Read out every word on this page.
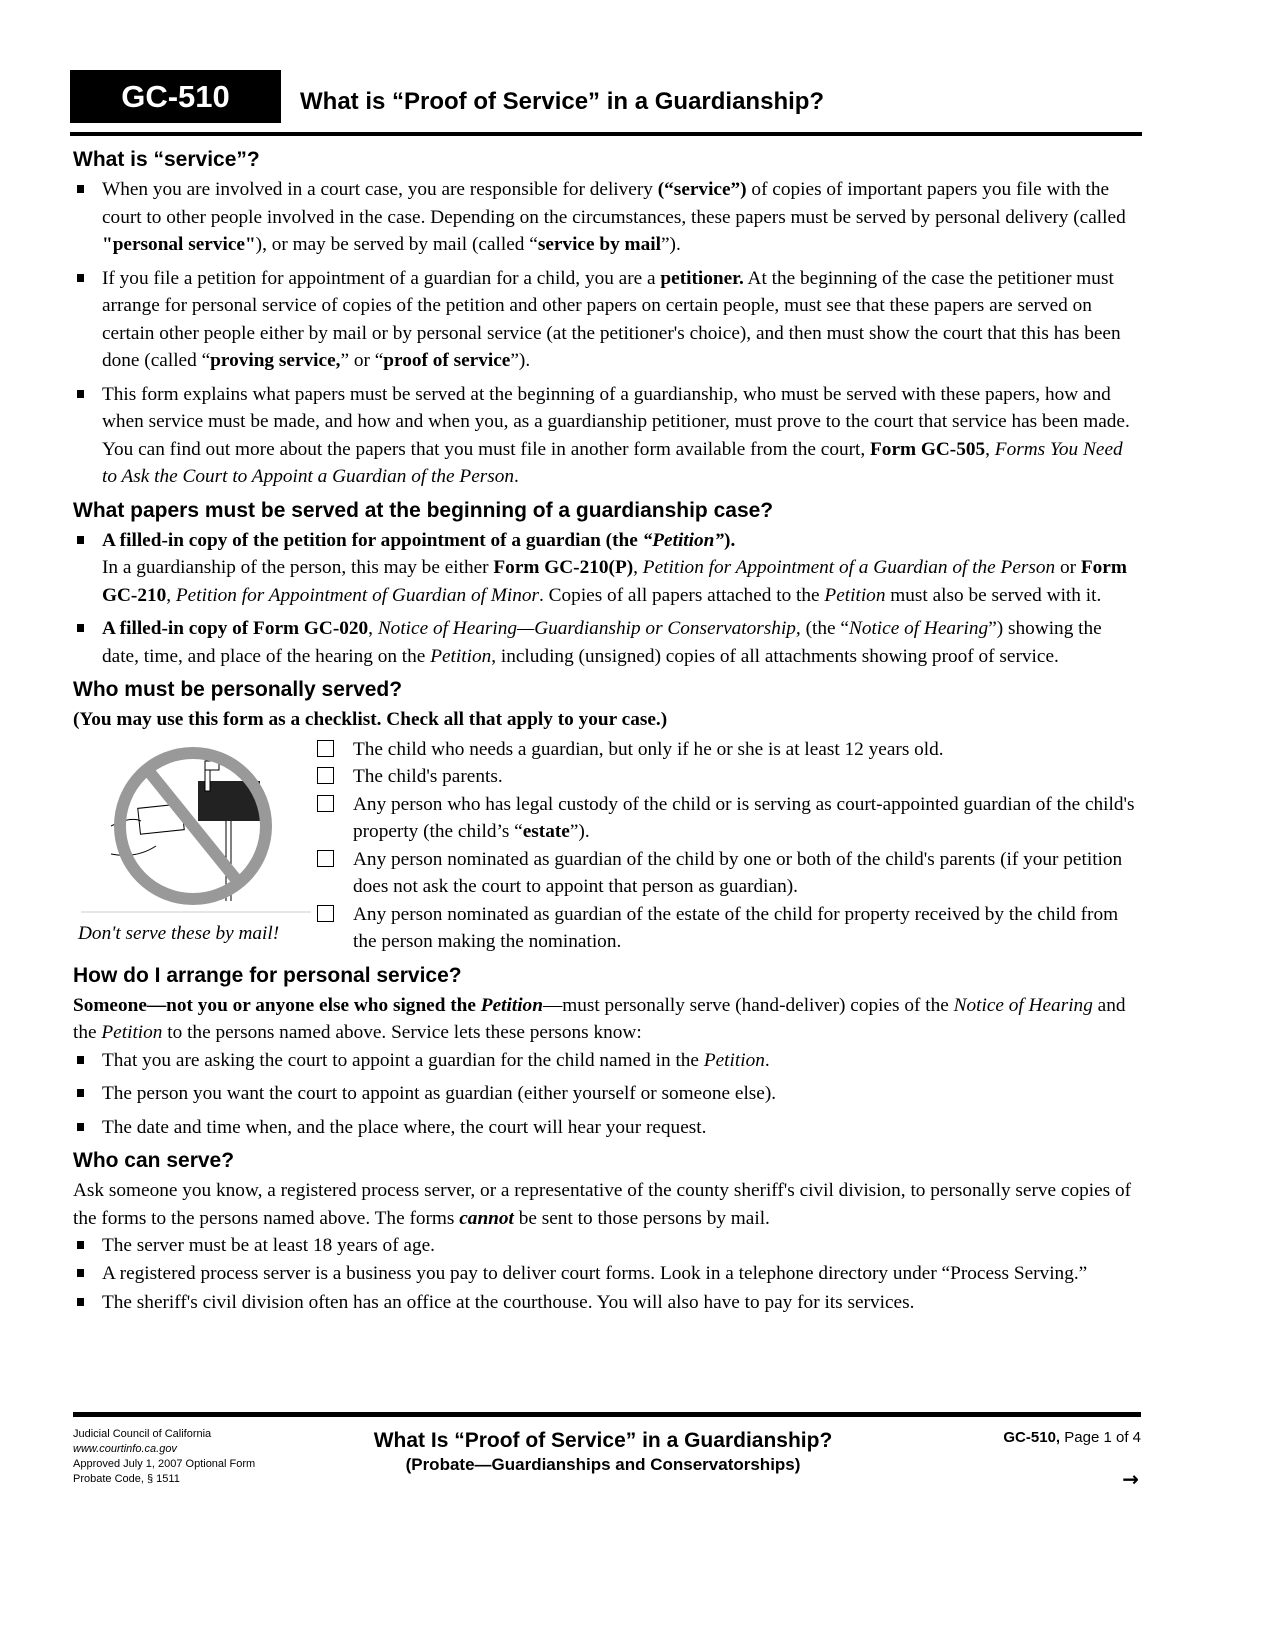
GC-510	What is “Proof of Service” in a Guardianship?
What is “service”?
When you are involved in a court case, you are responsible for delivery (“service”) of copies of important papers you file with the court to other people involved in the case. Depending on the circumstances, these papers must be served by personal delivery (called "personal service"), or may be served by mail (called “service by mail”).
If you file a petition for appointment of a guardian for a child, you are a petitioner. At the beginning of the case the petitioner must arrange for personal service of copies of the petition and other papers on certain people, must see that these papers are served on certain other people either by mail or by personal service (at the petitioner's choice), and then must show the court that this has been done (called “proving service,” or “proof of service”).
This form explains what papers must be served at the beginning of a guardianship, who must be served with these papers, how and when service must be made, and how and when you, as a guardianship petitioner, must prove to the court that service has been made. You can find out more about the papers that you must file in another form available from the court, Form GC-505, Forms You Need to Ask the Court to Appoint a Guardian of the Person.
What papers must be served at the beginning of a guardianship case?
A filled-in copy of the petition for appointment of a guardian (the “Petition”).
In a guardianship of the person, this may be either Form GC-210(P), Petition for Appointment of a Guardian of the Person or Form GC-210, Petition for Appointment of Guardian of Minor. Copies of all papers attached to the Petition must also be served with it.
A filled-in copy of Form GC-020, Notice of Hearing—Guardianship or Conservatorship, (the “Notice of Hearing”) showing the date, time, and place of the hearing on the Petition, including (unsigned) copies of all attachments showing proof of service.
Who must be personally served?
(You may use this form as a checklist. Check all that apply to your case.)
Don't serve these by mail!
The child who needs a guardian, but only if he or she is at least 12 years old.
The child's parents.
Any person who has legal custody of the child or is serving as court-appointed guardian of the child's property (the child’s “estate”).
Any person nominated as guardian of the child by one or both of the child's parents (if your petition does not ask the court to appoint that person as guardian).
Any person nominated as guardian of the estate of the child for property received by the child from the person making the nomination.
How do I arrange for personal service?
Someone—not you or anyone else who signed the Petition—must personally serve (hand-deliver) copies of the Notice of Hearing and the Petition to the persons named above. Service lets these persons know:
That you are asking the court to appoint a guardian for the child named in the Petition.
The person you want the court to appoint as guardian (either yourself or someone else).
The date and time when, and the place where, the court will hear your request.
Who can serve?
Ask someone you know, a registered process server, or a representative of the county sheriff's civil division, to personally serve copies of the forms to the persons named above. The forms cannot be sent to those persons by mail.
The server must be at least 18 years of age.
A registered process server is a business you pay to deliver court forms. Look in a telephone directory under “Process Serving.”
The sheriff's civil division often has an office at the courthouse. You will also have to pay for its services.
Judicial Council of California
www.courtinfo.ca.gov
Approved July 1, 2007 Optional Form
Probate Code, § 1511
What Is “Proof of Service” in a Guardianship?
(Probate—Guardianships and Conservatorships)
GC-510, Page 1 of 4
→
